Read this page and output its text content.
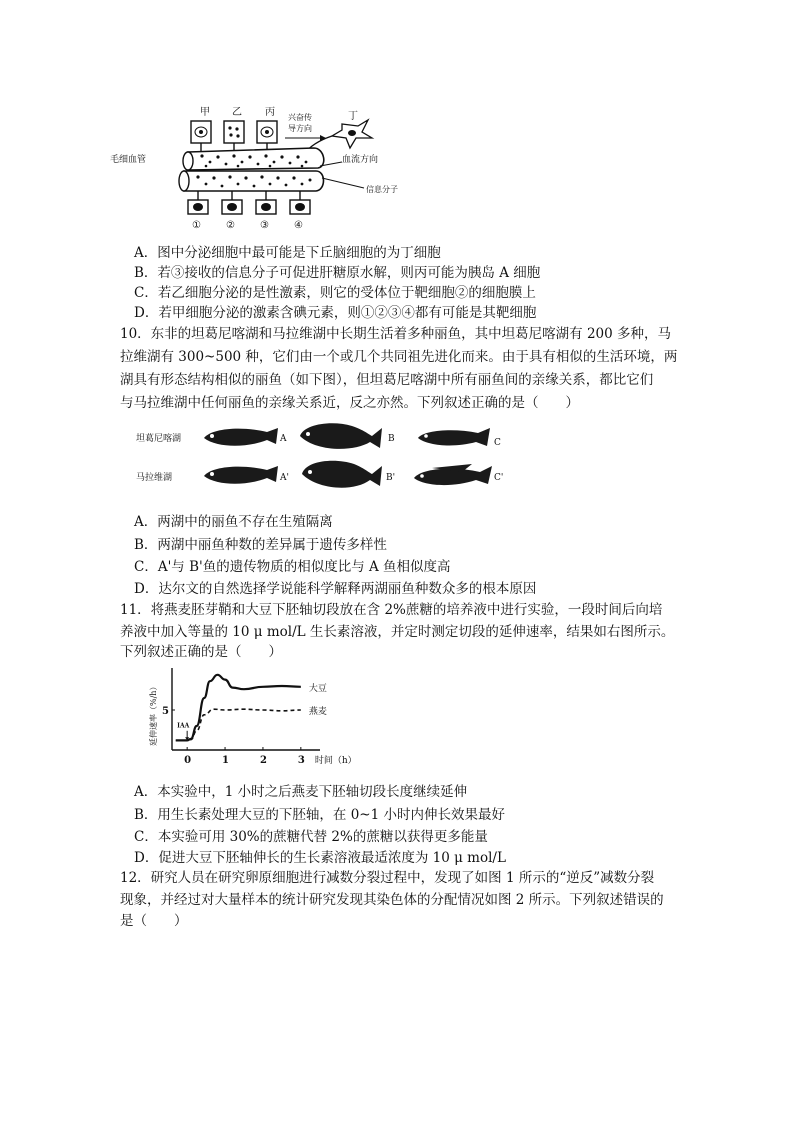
甲 乙 丙 兴奋传
导方向
丁
毛细血管	血流方向
信息分子
①	②	③	④
A．图中分泌细胞中最可能是下丘脑细胞的为丁细胞
B．若③接收的信息分子可促进肝糖原水解，则丙可能为胰岛 A 细胞
C．若乙细胞分泌的是性激素，则它的受体位于靶细胞②的细胞膜上
D．若甲细胞分泌的激素含碘元素，则①②③④都有可能是其靶细胞
10．东非的坦葛尼喀湖和马拉维湖中长期生活着多种丽鱼，其中坦葛尼喀湖有 200 多种，马
拉维湖有 300~500 种，它们由一个或几个共同祖先进化而来。由于具有相似的生活环境，两
湖具有形态结构相似的丽鱼（如下图），但坦葛尼喀湖中所有丽鱼间的亲缘关系，都比它们
与马拉维湖中任何丽鱼的亲缘关系近，反之亦然。下列叙述正确的是（　　）
坦葛尼喀湖
马拉维湖
A	B	C
A'	B'	C'
A．两湖中的丽鱼不存在生殖隔离
B．两湖中丽鱼种数的差异属于遗传多样性
C．A'与 B'鱼的遗传物质的相似度比与 A 鱼相似度高
D．达尔文的自然选择学说能科学解释两湖丽鱼种数众多的根本原因
11．将燕麦胚芽鞘和大豆下胚轴切段放在含 2%蔗糖的培养液中进行实验，一段时间后向培
养液中加入等量的 10 μ mol/L 生长素溶液，并定时测定切段的延伸速率，结果如右图所示。
下列叙述正确的是（　　）
0	1	2	3
5
时间（h）
延伸速率（%/h）	IAA
大豆
燕麦
A．本实验中，1 小时之后燕麦下胚轴切段长度继续延伸
B．用生长素处理大豆的下胚轴，在 0~1 小时内伸长效果最好
C．本实验可用 30%的蔗糖代替 2%的蔗糖以获得更多能量
D．促进大豆下胚轴伸长的生长素溶液最适浓度为 10 μ mol/L
12．研究人员在研究卵原细胞进行减数分裂过程中，发现了如图 1 所示的“逆反”减数分裂
现象，并经过对大量样本的统计研究发现其染色体的分配情况如图 2 所示。下列叙述错误的
是（　　）
